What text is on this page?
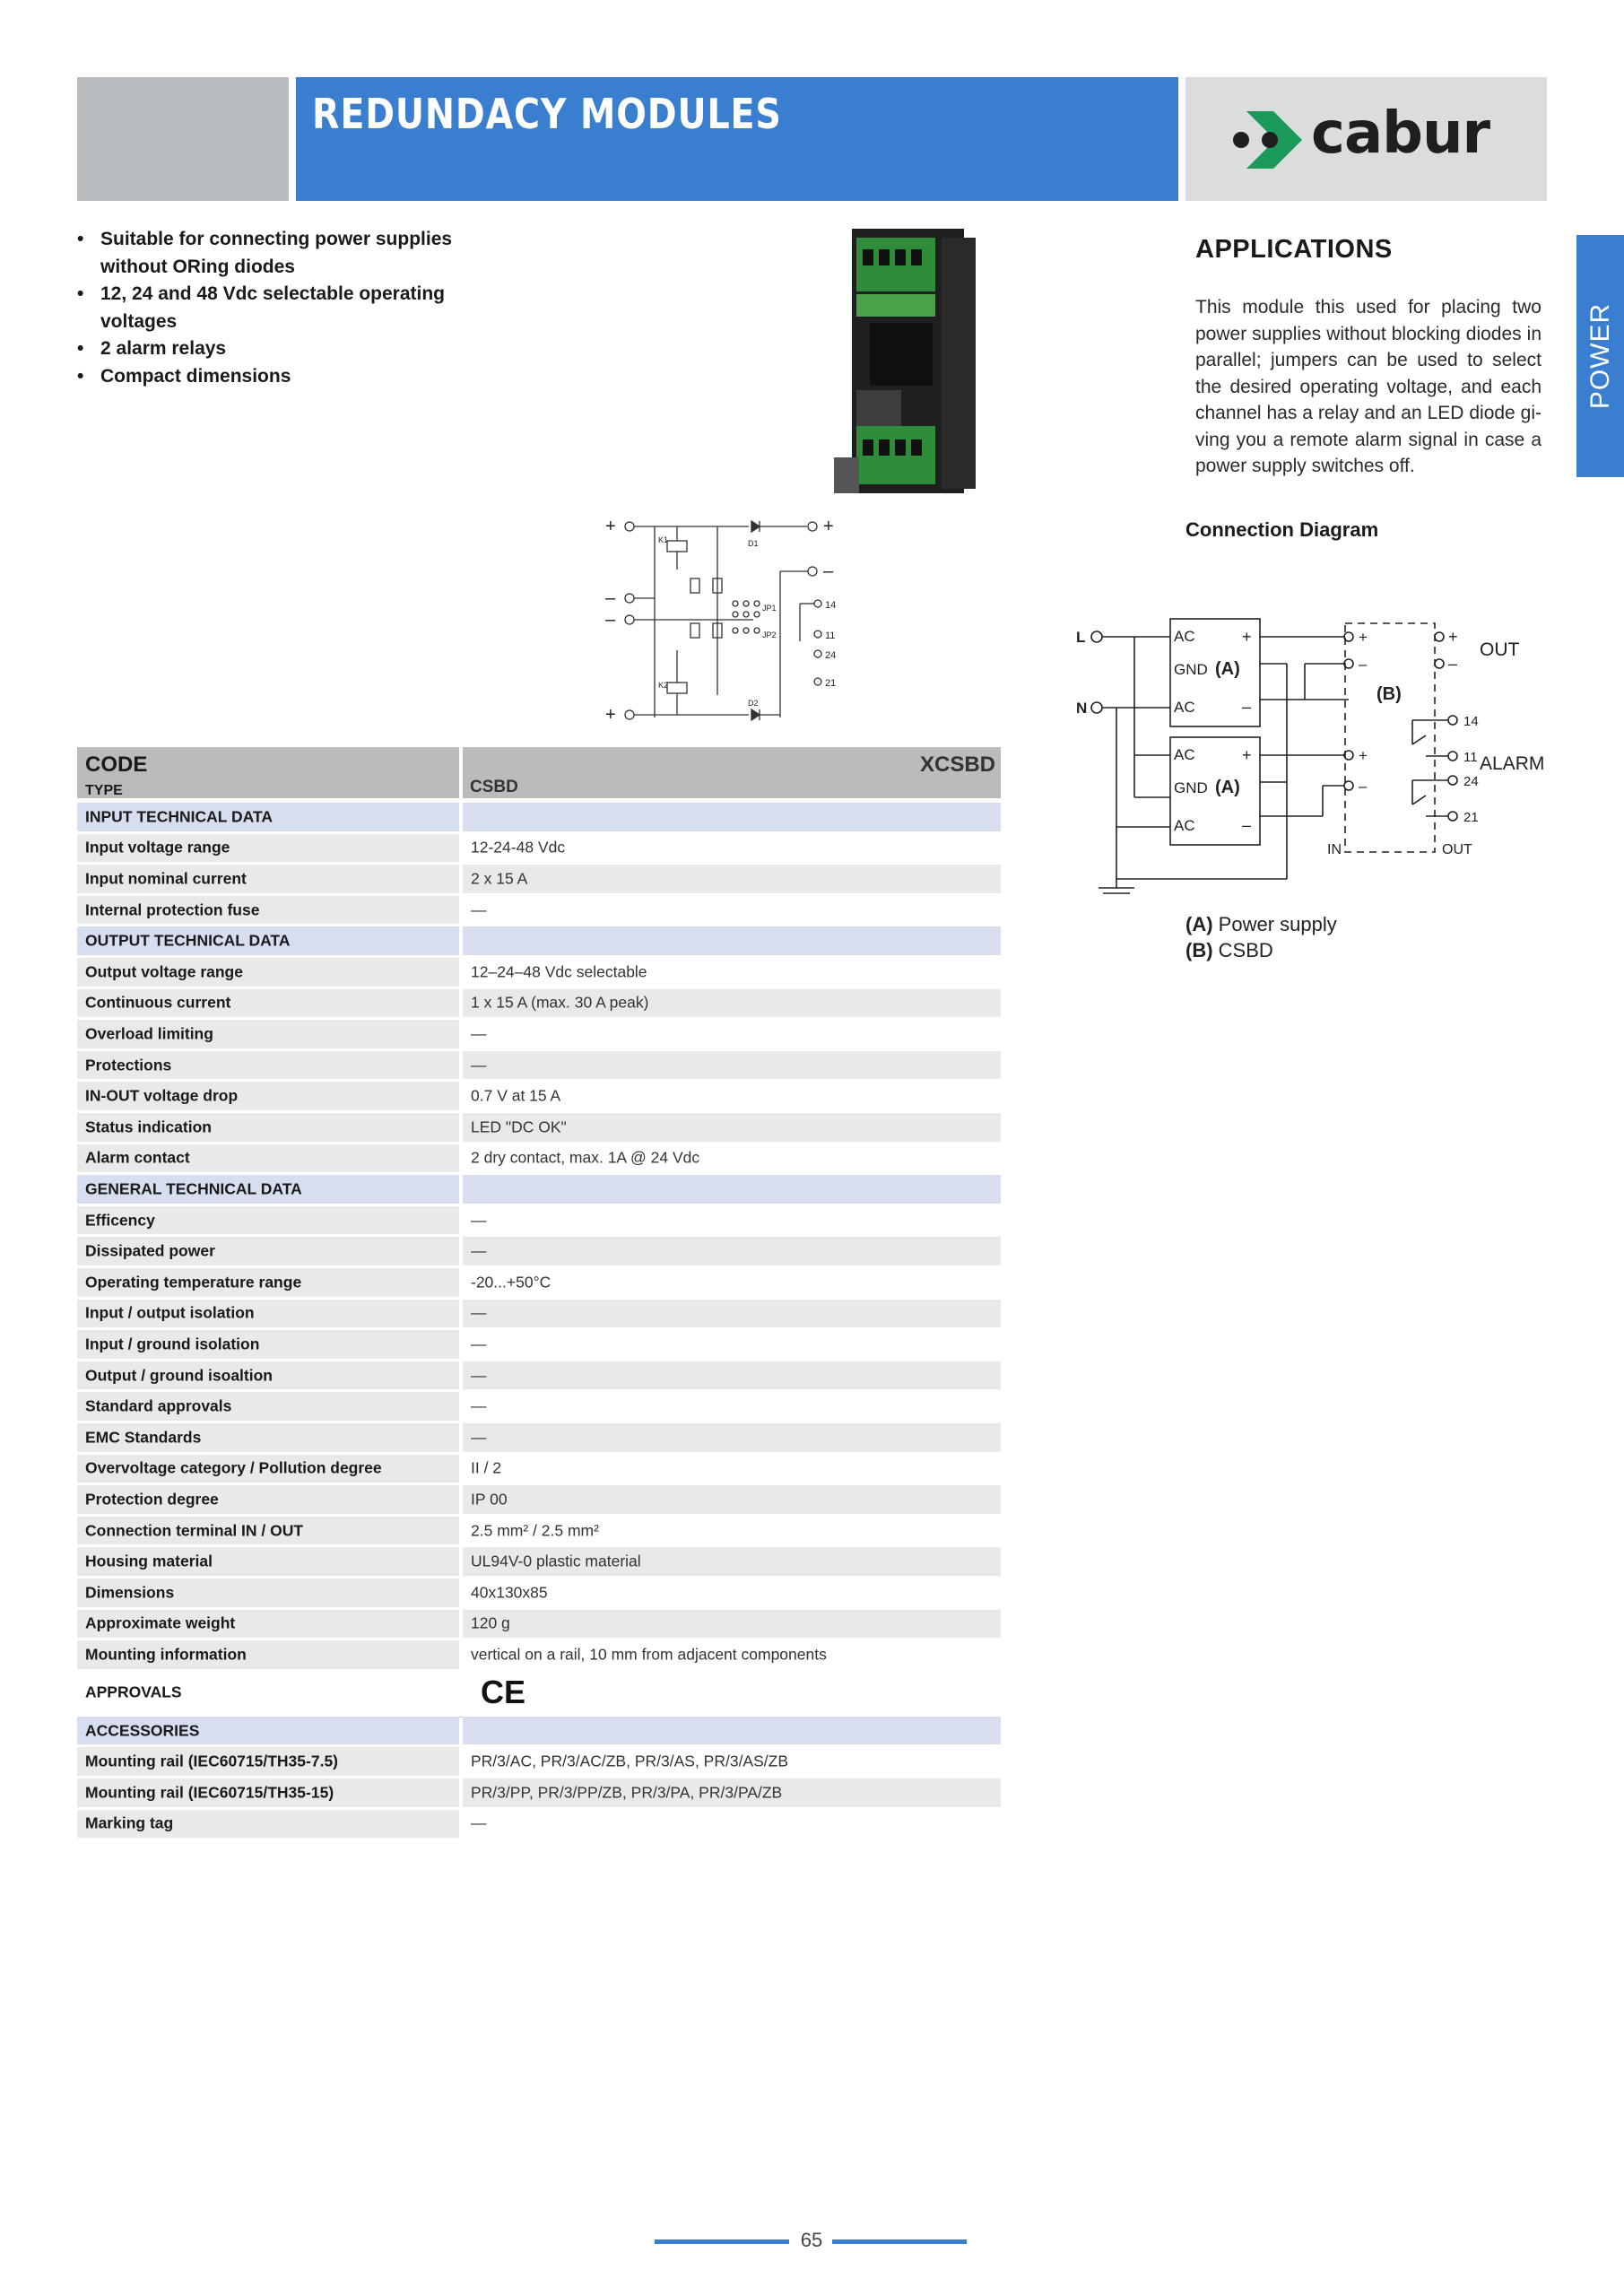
REDUNDACY MODULES	cabur
POWER
• Suitable for connecting power supplies without ORing diodes
• 12, 24 and 48 Vdc selectable operating voltages
• 2 alarm relays
• Compact dimensions
APPLICATIONS
This module this used for placing two power supplies without blocking diodes in parallel; jumpers can be used to select the desired operating voltage, and each channel has a relay and an LED diode gi-ving you a remote alarm signal in case a power supply switches off.
Connection Diagram
+	+
D1
–
–
–
K1
JP1
JP2
K2
+
D2
14
11
24
21
L
N
AC
GND (A)
AC
+
–
AC
GND (A)
AC
+
–
+
–
+
–
(B)
+
–
OUT
14
11
24
21
ALARM
IN	OUT
(A) Power supply
(B) CSBD
CODE
TYPE
XCSBD
CSBD
INPUT TECHNICAL DATA
Input voltage range	12-24-48 Vdc
Input nominal current	2 x 15 A
Internal protection fuse	—
OUTPUT TECHNICAL DATA
Output voltage range	12–24–48 Vdc selectable
Continuous current	1 x 15 A (max. 30 A peak)
Overload limiting	—
Protections	—
IN-OUT voltage drop	0.7 V at 15 A
Status indication	LED "DC OK"
Alarm contact	2 dry contact, max. 1A @ 24 Vdc
GENERAL TECHNICAL DATA
Efficency	—
Dissipated power	—
Operating temperature range	-20...+50°C
Input / output isolation	—
Input / ground isolation	—
Output / ground isoaltion	—
Standard approvals	—
EMC Standards	—
Overvoltage category / Pollution degree	II / 2
Protection degree	IP 00
Connection terminal IN / OUT	2.5 mm² / 2.5 mm²
Housing material	UL94V-0 plastic material
Dimensions	40x130x85
Approximate weight	120 g
Mounting information	vertical on a rail, 10 mm from adjacent components
APPROVALS	CE
ACCESSORIES
Mounting rail (IEC60715/TH35-7.5)	PR/3/AC, PR/3/AC/ZB, PR/3/AS, PR/3/AS/ZB
Mounting rail (IEC60715/TH35-15)	PR/3/PP, PR/3/PP/ZB, PR/3/PA, PR/3/PA/ZB
Marking tag	—
65
